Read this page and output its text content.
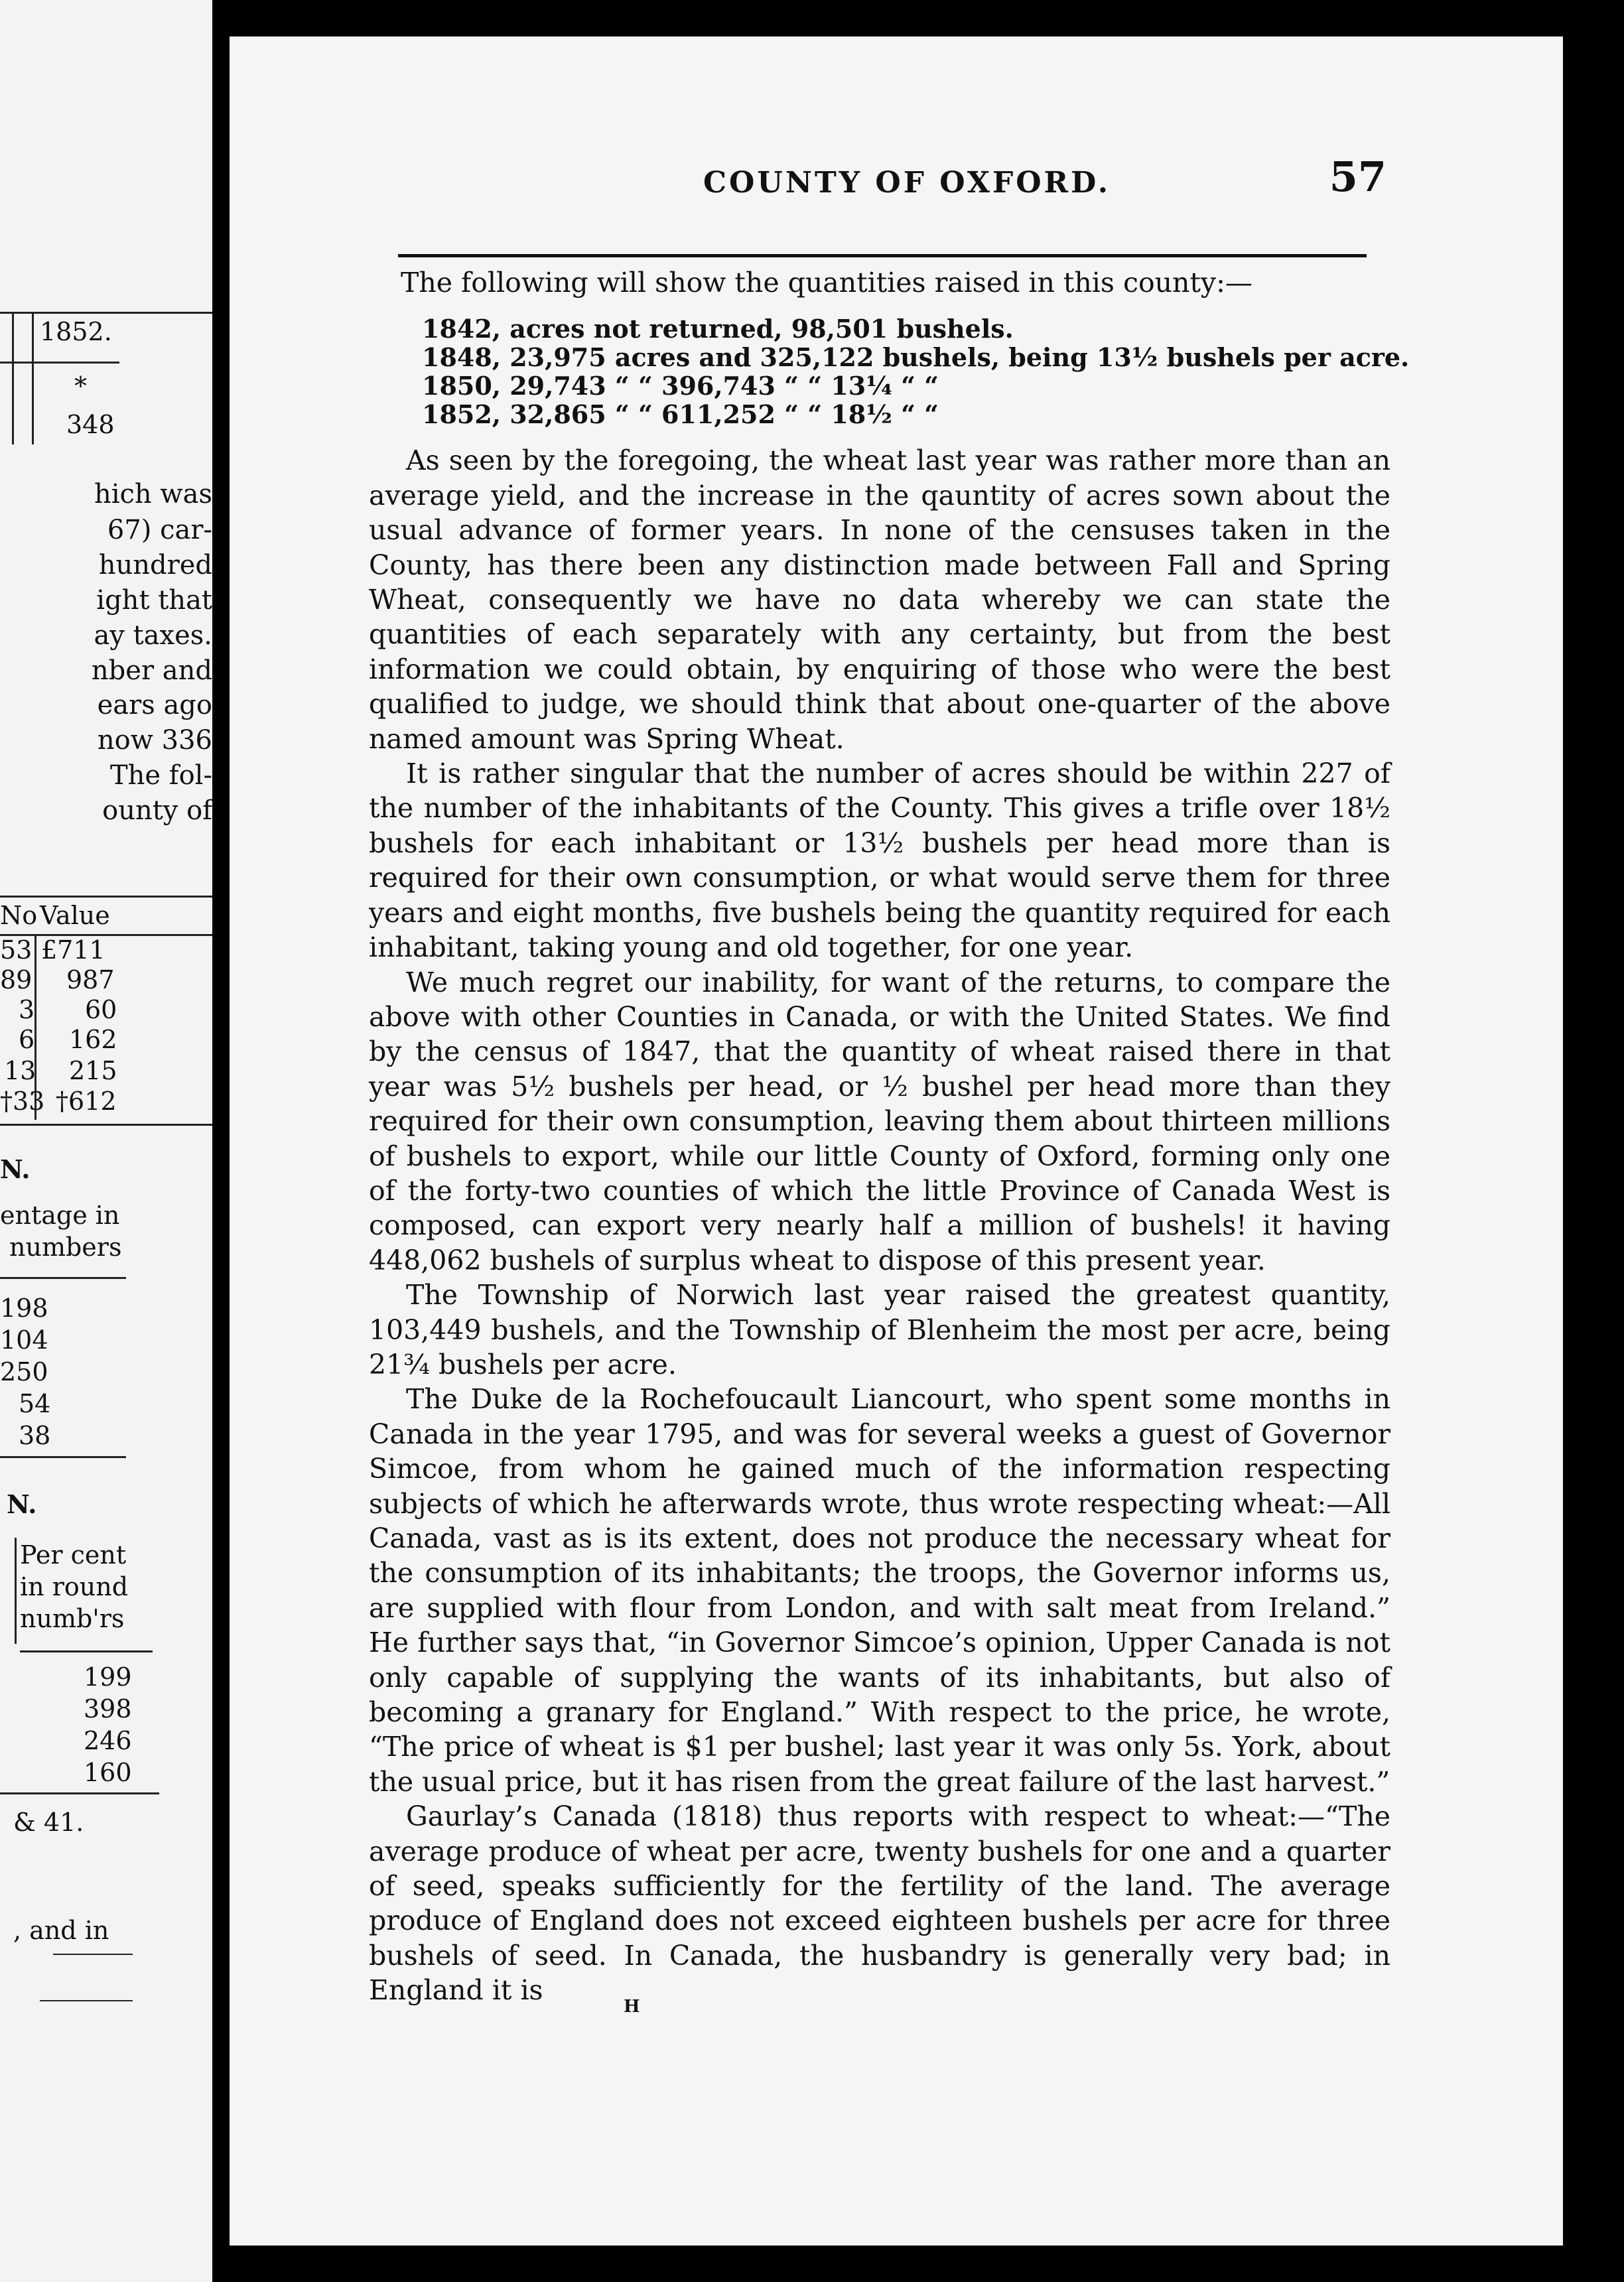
1852.
*
348
hich was
67) car-
hundred
ight that
ay taxes.
nber and
ears ago
now 336
The fol-
ounty of
No Value
53 £711
89 987
3 60
6 162
13 215
†33 †612
N.
entage in
numbers
198
104
250
54
38
N.
Per cent
in round
numb'rs
199
398
246
160
& 41.
, and in
COUNTY OF OXFORD.	57

The following will show the quantities raised in this county:—

1842, acres not returned, 98,501 bushels.
1848, 23,975 acres and 325,122 bushels, being 13½ bushels per acre.
1850, 29,743 “ “ 396,743 “ “ 13¼ “ “
1852, 32,865 “ “ 611,252 “ “ 18½ “ “

As seen by the foregoing, the wheat last year was rather more than an average yield, and the increase in the qauntity of acres sown about the usual advance of former years. In none of the censuses taken in the County, has there been any distinction made between Fall and Spring Wheat, consequently we have no data whereby we can state the quantities of each separately with any certainty, but from the best information we could obtain, by enquiring of those who were the best qualified to judge, we should think that about one-quarter of the above named amount was Spring Wheat.

It is rather singular that the number of acres should be within 227 of the number of the inhabitants of the County. This gives a trifle over 18½ bushels for each inhabitant or 13½ bushels per head more than is required for their own consumption, or what would serve them for three years and eight months, five bushels being the quantity required for each inhabitant, taking young and old together, for one year.

We much regret our inability, for want of the returns, to compare the above with other Counties in Canada, or with the United States. We find by the census of 1847, that the quantity of wheat raised there in that year was 5½ bushels per head, or ½ bushel per head more than they required for their own consumption, leaving them about thirteen millions of bushels to export, while our little County of Oxford, forming only one of the forty-two counties of which the little Province of Canada West is composed, can export very nearly half a million of bushels! it having 448,062 bushels of surplus wheat to dispose of this present year.

The Township of Norwich last year raised the greatest quantity, 103,449 bushels, and the Township of Blenheim the most per acre, being 21¾ bushels per acre.

The Duke de la Rochefoucault Liancourt, who spent some months in Canada in the year 1795, and was for several weeks a guest of Governor Simcoe, from whom he gained much of the information respecting subjects of which he afterwards wrote, thus wrote respecting wheat:—All Canada, vast as is its extent, does not produce the necessary wheat for the consumption of its inhabitants; the troops, the Governor informs us, are supplied with flour from London, and with salt meat from Ireland.” He further says that, “in Governor Simcoe’s opinion, Upper Canada is not only capable of supplying the wants of its inhabitants, but also of becoming a granary for England.” With respect to the price, he wrote, “The price of wheat is $1 per bushel; last year it was only 5s. York, about the usual price, but it has risen from the great failure of the last harvest.”

Gaurlay’s Canada (1818) thus reports with respect to wheat:—“The average produce of wheat per acre, twenty bushels for one and a quarter of seed, speaks sufficiently for the fertility of the land. The average produce of England does not exceed eighteen bushels per acre for three bushels of seed. In Canada, the husbandry is generally very bad; in England it is

H
